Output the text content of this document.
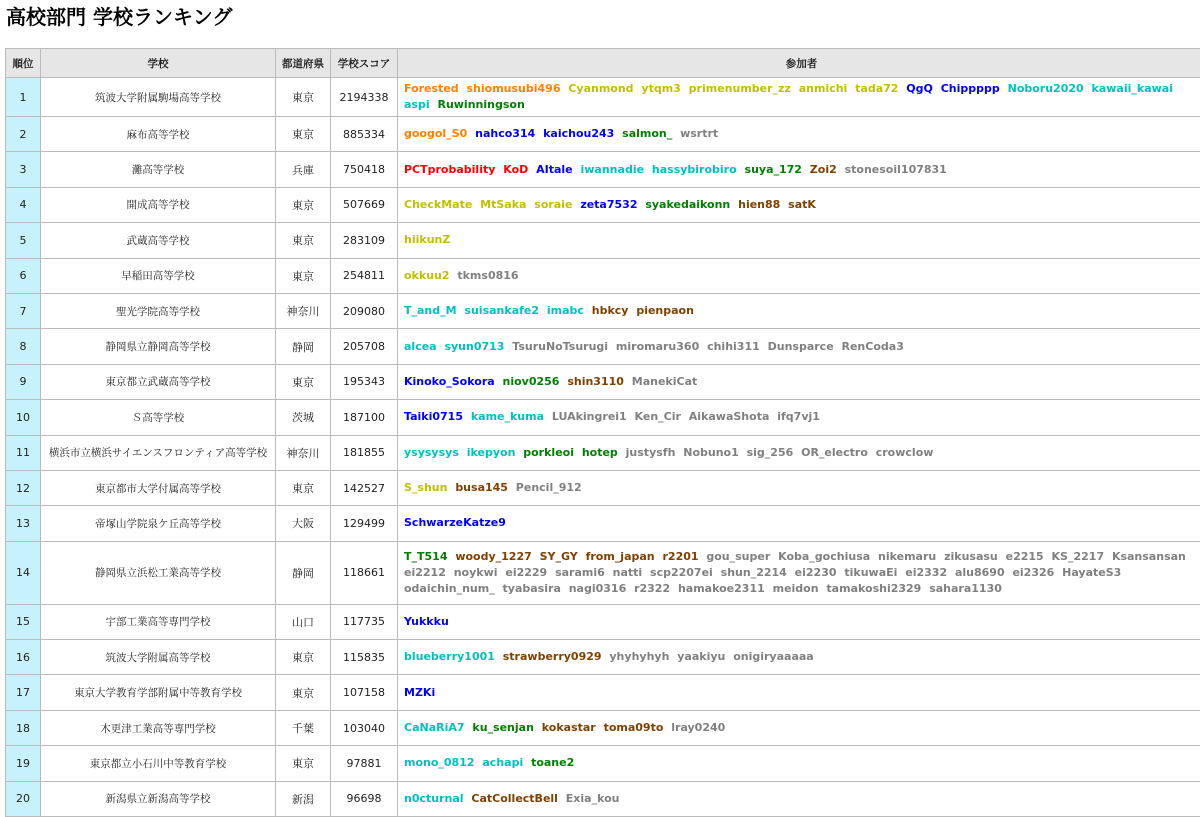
高校部門 学校ランキング
順位	学校	都道府県	学校スコア	参加者
1	筑波大学附属駒場高等学校	東京	2194338	Forested shiomusubi496 Cyanmond ytqm3 primenumber_zz anmichi tada72 QgQ Chippppp Noboru2020 kawaii_kawai aspi Ruwinningson
2	麻布高等学校	東京	885334	googol_S0 nahco314 kaichou243 salmon_ wsrtrt
3	灘高等学校	兵庫	750418	PCTprobability KoD AItale iwannadie hassybirobiro suya_172 Zoi2 stonesoil107831
4	開成高等学校	東京	507669	CheckMate MtSaka soraie zeta7532 syakedaikonn hien88 satK
5	武蔵高等学校	東京	283109	hiikunZ
6	早稲田高等学校	東京	254811	okkuu2 tkms0816
7	聖光学院高等学校	神奈川	209080	T_and_M suisankafe2 imabc hbkcy pienpaon
8	静岡県立静岡高等学校	静岡	205708	alcea syun0713 TsuruNoTsurugi miromaru360 chihi311 Dunsparce RenCoda3
9	東京都立武蔵高等学校	東京	195343	Kinoko_Sokora niov0256 shin3110 ManekiCat
10	Ｓ高等学校	茨城	187100	Taiki0715 kame_kuma LUAkingrei1 Ken_Cir AikawaShota ifq7vj1
11	横浜市立横浜サイエンスフロンティア高等学校	神奈川	181855	ysysysys ikepyon porkleoi hotep justysfh Nobuno1 sig_256 OR_electro crowclow
12	東京都市大学付属高等学校	東京	142527	S_shun busa145 Pencil_912
13	帝塚山学院泉ケ丘高等学校	大阪	129499	SchwarzeKatze9
14	静岡県立浜松工業高等学校	静岡	118661	T_T514 woody_1227 SY_GY from_japan r2201 gou_super Koba_gochiusa nikemaru zikusasu e2215 KS_2217 Ksansansan ei2212 noykwi ei2229 sarami6 natti scp2207ei shun_2214 ei2230 tikuwaEi ei2332 alu8690 ei2326 HayateS3 odaichin_num_ tyabasira nagi0316 r2322 hamakoe2311 meidon tamakoshi2329 sahara1130
15	宇部工業高等専門学校	山口	117735	Yukkku
16	筑波大学附属高等学校	東京	115835	blueberry1001 strawberry0929 yhyhyhyh yaakiyu onigiryaaaaa
17	東京大学教育学部附属中等教育学校	東京	107158	MZKi
18	木更津工業高等専門学校	千葉	103040	CaNaRiA7 ku_senjan kokastar toma09to lray0240
19	東京都立小石川中等教育学校	東京	97881	mono_0812 achapi toane2
20	新潟県立新潟高等学校	新潟	96698	n0cturnal CatCollectBell Exia_kou
